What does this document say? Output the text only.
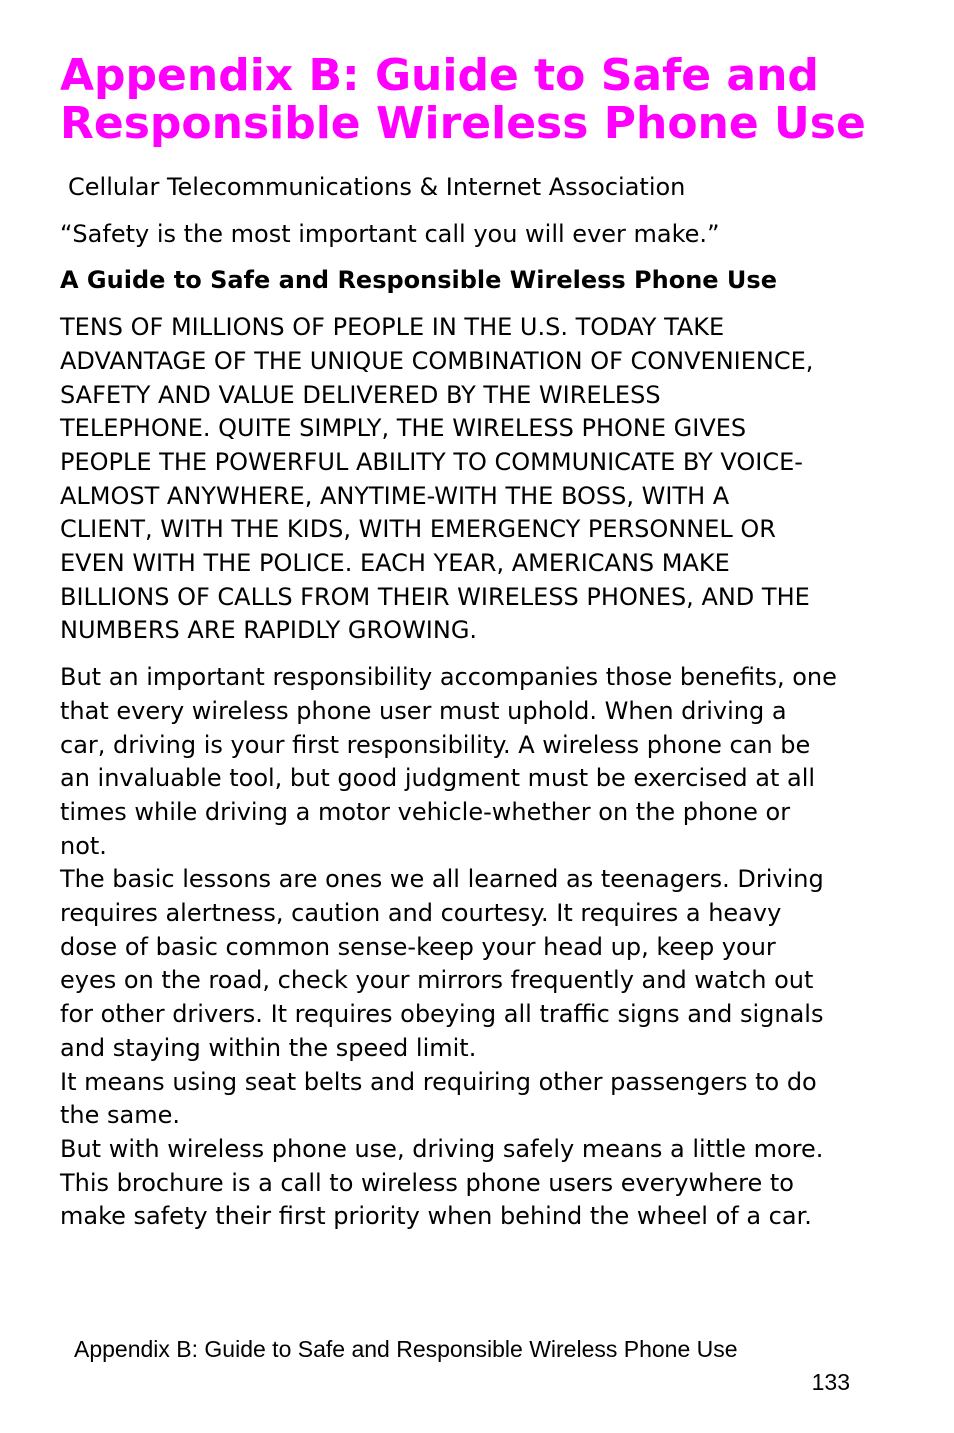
Appendix B: Guide to Safe and Responsible Wireless Phone Use

Cellular Telecommunications & Internet Association

“Safety is the most important call you will ever make.”

A Guide to Safe and Responsible Wireless Phone Use

TENS OF MILLIONS OF PEOPLE IN THE U.S. TODAY TAKE
ADVANTAGE OF THE UNIQUE COMBINATION OF CONVENIENCE,
SAFETY AND VALUE DELIVERED BY THE WIRELESS
TELEPHONE. QUITE SIMPLY, THE WIRELESS PHONE GIVES
PEOPLE THE POWERFUL ABILITY TO COMMUNICATE BY VOICE-
ALMOST ANYWHERE, ANYTIME-WITH THE BOSS, WITH A
CLIENT, WITH THE KIDS, WITH EMERGENCY PERSONNEL OR
EVEN WITH THE POLICE. EACH YEAR, AMERICANS MAKE
BILLIONS OF CALLS FROM THEIR WIRELESS PHONES, AND THE
NUMBERS ARE RAPIDLY GROWING.

But an important responsibility accompanies those benefits, one
that every wireless phone user must uphold. When driving a
car, driving is your first responsibility. A wireless phone can be
an invaluable tool, but good judgment must be exercised at all
times while driving a motor vehicle-whether on the phone or
not.

The basic lessons are ones we all learned as teenagers. Driving
requires alertness, caution and courtesy. It requires a heavy
dose of basic common sense-keep your head up, keep your
eyes on the road, check your mirrors frequently and watch out
for other drivers. It requires obeying all traffic signs and signals
and staying within the speed limit.

It means using seat belts and requiring other passengers to do
the same.

But with wireless phone use, driving safely means a little more.
This brochure is a call to wireless phone users everywhere to
make safety their first priority when behind the wheel of a car.

Appendix B: Guide to Safe and Responsible Wireless Phone Use
133
